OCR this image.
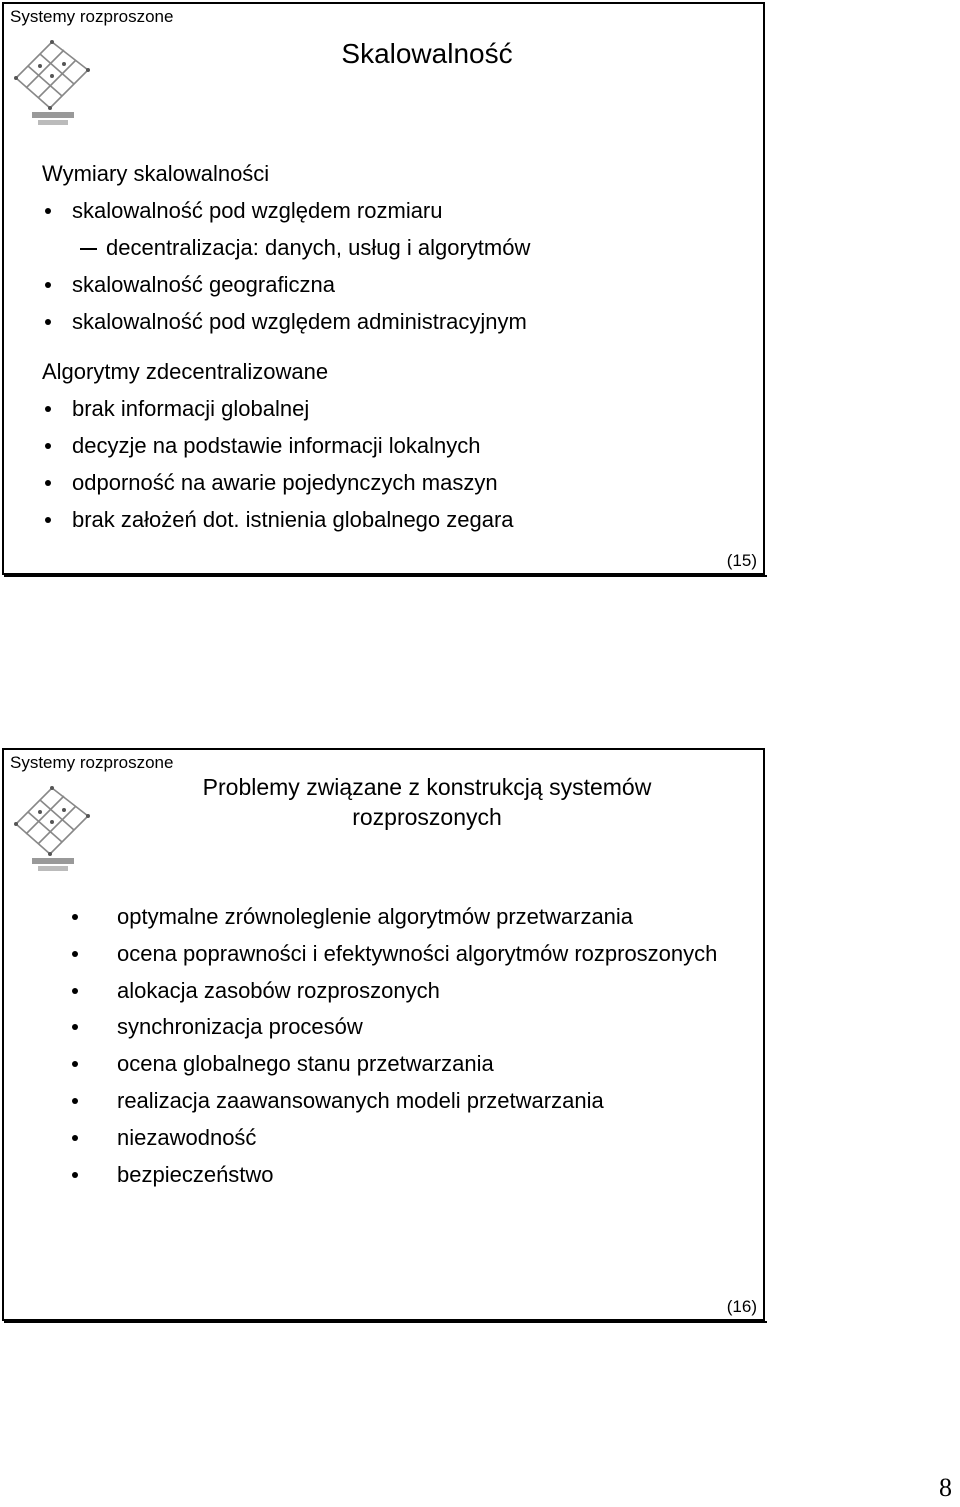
Systemy rozproszone
Skalowalność
Wymiary skalowalności
skalowalność pod względem rozmiaru
decentralizacja: danych, usług i algorytmów
skalowalność geograficzna
skalowalność pod względem administracyjnym
Algorytmy zdecentralizowane
brak informacji globalnej
decyzje na podstawie informacji lokalnych
odporność na awarie pojedynczych maszyn
brak założeń dot. istnienia globalnego zegara
(15)
Systemy rozproszone
Problemy związane z konstrukcją systemów
rozproszonych
optymalne zrównoleglenie algorytmów przetwarzania
ocena poprawności i efektywności algorytmów rozproszonych
alokacja zasobów rozproszonych
synchronizacja procesów
ocena globalnego stanu przetwarzania
realizacja zaawansowanych modeli przetwarzania
niezawodność
bezpieczeństwo
(16)
8
